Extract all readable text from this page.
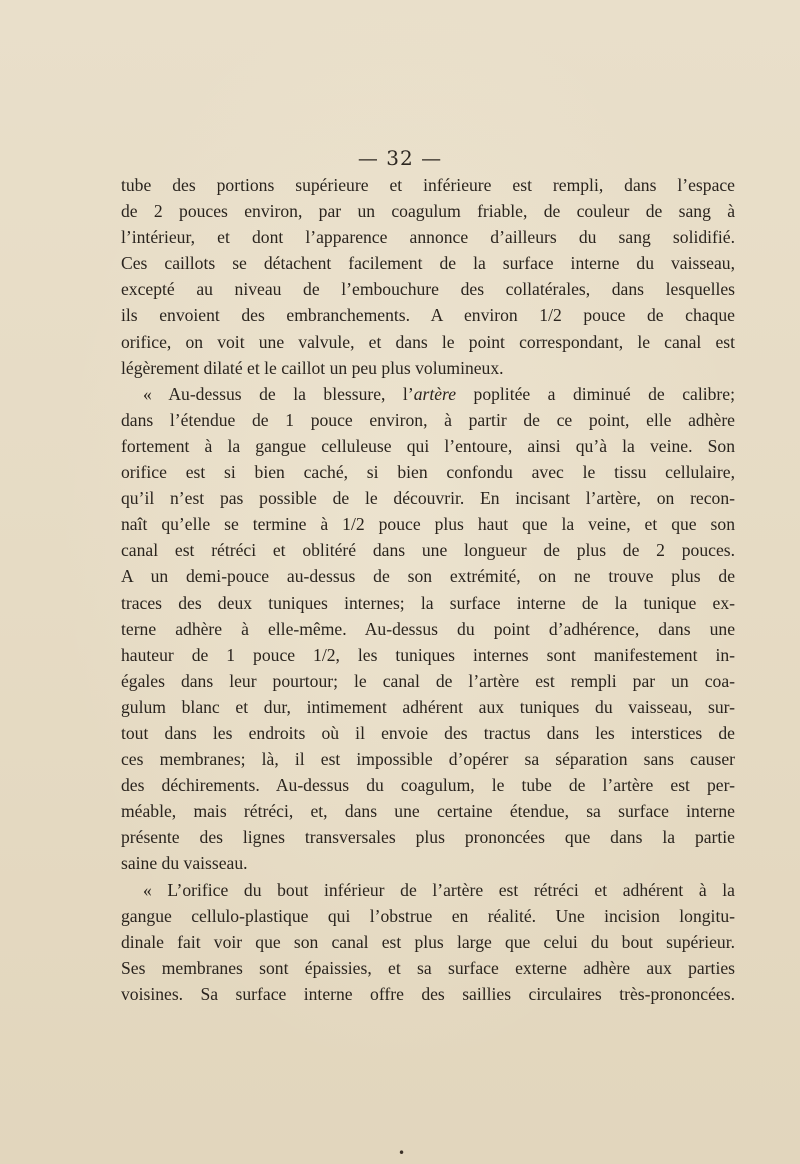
— 32 —
tube des portions supérieure et inférieure est rempli, dans l’espace
de 2 pouces environ, par un coagulum friable, de couleur de sang à
l’intérieur, et dont l’apparence annonce d’ailleurs du sang solidifié.
Ces caillots se détachent facilement de la surface interne du vaisseau,
excepté au niveau de l’embouchure des collatérales, dans lesquelles
ils envoient des embranchements. A environ 1/2 pouce de chaque
orifice, on voit une valvule, et dans le point correspondant, le canal est
légèrement dilaté et le caillot un peu plus volumineux.
« Au-dessus de la blessure, l’artère poplitée a diminué de calibre;
dans l’étendue de 1 pouce environ, à partir de ce point, elle adhère
fortement à la gangue celluleuse qui l’entoure, ainsi qu’à la veine. Son
orifice est si bien caché, si bien confondu avec le tissu cellulaire,
qu’il n’est pas possible de le découvrir. En incisant l’artère, on recon-
naît qu’elle se termine à 1/2 pouce plus haut que la veine, et que son
canal est rétréci et oblitéré dans une longueur de plus de 2 pouces.
A un demi-pouce au-dessus de son extrémité, on ne trouve plus de
traces des deux tuniques internes; la surface interne de la tunique ex-
terne adhère à elle-même. Au-dessus du point d’adhérence, dans une
hauteur de 1 pouce 1/2, les tuniques internes sont manifestement in-
égales dans leur pourtour; le canal de l’artère est rempli par un coa-
gulum blanc et dur, intimement adhérent aux tuniques du vaisseau, sur-
tout dans les endroits où il envoie des tractus dans les interstices de
ces membranes; là, il est impossible d’opérer sa séparation sans causer
des déchirements. Au-dessus du coagulum, le tube de l’artère est per-
méable, mais rétréci, et, dans une certaine étendue, sa surface interne
présente des lignes transversales plus prononcées que dans la partie
saine du vaisseau.
« L’orifice du bout inférieur de l’artère est rétréci et adhérent à la
gangue cellulo-plastique qui l’obstrue en réalité. Une incision longitu-
dinale fait voir que son canal est plus large que celui du bout supérieur.
Ses membranes sont épaissies, et sa surface externe adhère aux parties
voisines. Sa surface interne offre des saillies circulaires très-prononcées.
•
